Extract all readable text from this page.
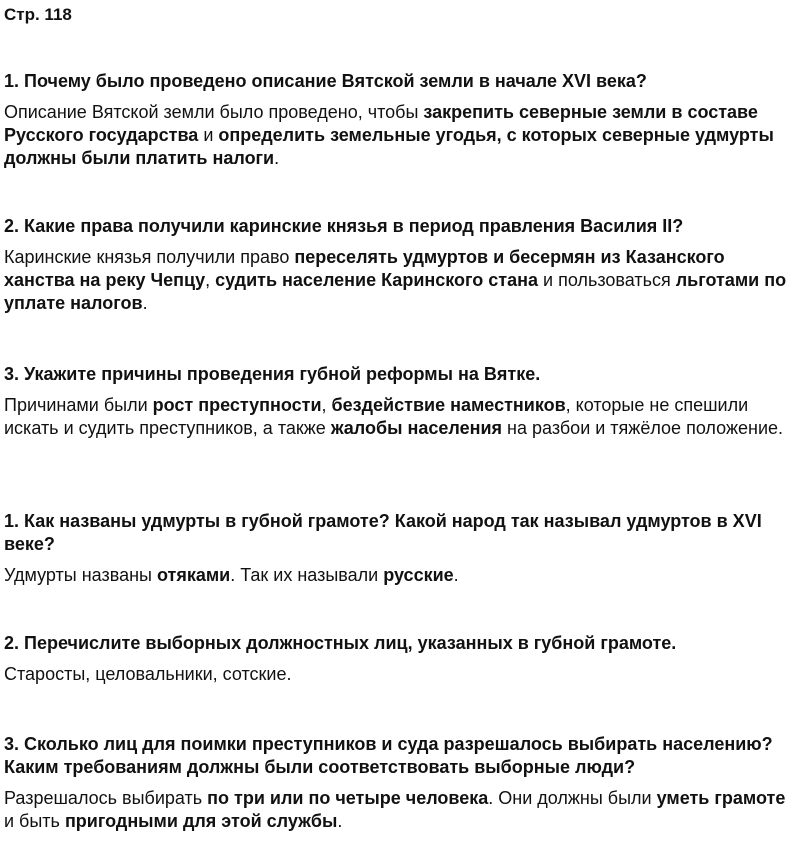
Стр. 118

1. Почему было проведено описание Вятской земли в начале XVI века?

Описание Вятской земли было проведено, чтобы закрепить северные земли в составе Русского государства и определить земельные угодья, с которых северные удмурты должны были платить налоги.

2. Какие права получили каринские князья в период правления Василия II?

Каринские князья получили право переселять удмуртов и бесермян из Казанского ханства на реку Чепцу, судить население Каринского стана и пользоваться льготами по уплате налогов.

3. Укажите причины проведения губной реформы на Вятке.

Причинами были рост преступности, бездействие наместников, которые не спешили искать и судить преступников, а также жалобы населения на разбои и тяжёлое положение.

1. Как названы удмурты в губной грамоте? Какой народ так называл удмуртов в XVI веке?

Удмурты названы отяками. Так их называли русские.

2. Перечислите выборных должностных лиц, указанных в губной грамоте.

Старосты, целовальники, сотские.

3. Сколько лиц для поимки преступников и суда разрешалось выбирать населению? Каким требованиям должны были соответствовать выборные люди?

Разрешалось выбирать по три или по четыре человека. Они должны были уметь грамоте и быть пригодными для этой службы.
